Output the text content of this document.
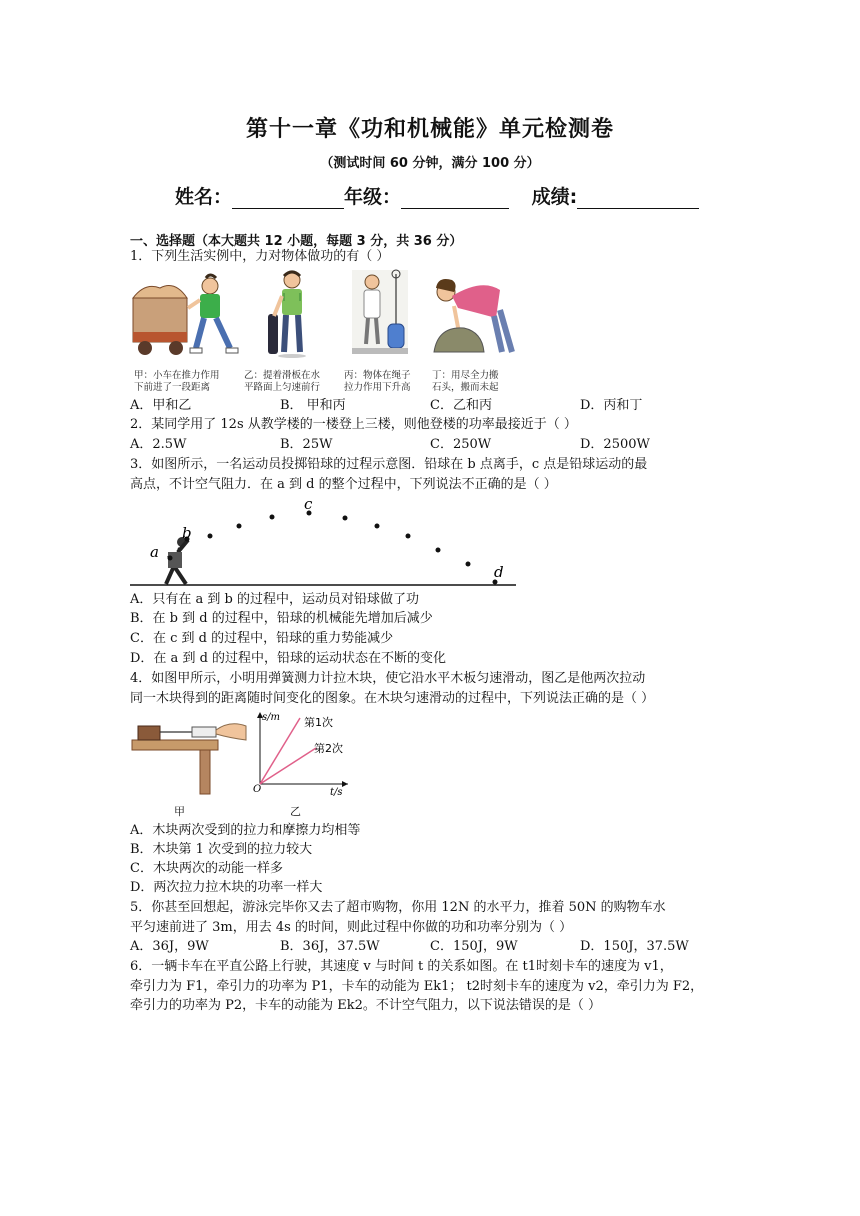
第十一章《功和机械能》单元检测卷
（测试时间 60 分钟，满分 100 分）
姓名：	年级：	成绩:
一、选择题（本大题共 12 小题，每题 3 分，共 36 分）
1．下列生活实例中，力对物体做功的有（ ）
甲：小车在推力作用
下前进了一段距离
乙：提着滑板在水
平路面上匀速前行
丙：物体在绳子
拉力作用下升高
丁：用尽全力搬
石头，搬而未起
A．甲和乙	B． 甲和丙	C．乙和丙	D．丙和丁
2．某同学用了 12s 从教学楼的一楼登上三楼，则他登楼的功率最接近于（ ）
A．2.5W	B．25W	C．250W	D．2500W
3．如图所示，一名运动员投掷铅球的过程示意图．铅球在 b 点离手，c 点是铅球运动的最
高点，不计空气阻力．在 a 到 d 的整个过程中，下列说法不正确的是（ ）
a
b
c
d
A．只有在 a 到 b 的过程中，运动员对铅球做了功
B．在 b 到 d 的过程中，铅球的机械能先增加后减少
C．在 c 到 d 的过程中，铅球的重力势能减少
D．在 a 到 d 的过程中，铅球的运动状态在不断的变化
4．如图甲所示，小明用弹簧测力计拉木块，使它沿水平木板匀速滑动，图乙是他两次拉动
同一木块得到的距离随时间变化的图象。在木块匀速滑动的过程中，下列说法正确的是（ ）
s/m
t/s
O
第1次
第2次
甲	乙
A．木块两次受到的拉力和摩擦力均相等
B．木块第 1 次受到的拉力较大
C．木块两次的动能一样多
D．两次拉力拉木块的功率一样大
5．你甚至回想起，游泳完毕你又去了超市购物，你用 12N 的水平力，推着 50N 的购物车水
平匀速前进了 3m，用去 4s 的时间，则此过程中你做的功和功率分别为（ ）
A．36J，9W	B．36J，37.5W	C．150J，9W	D．150J，37.5W
6．一辆卡车在平直公路上行驶，其速度 v 与时间 t 的关系如图。在 t1时刻卡车的速度为 v1，
牵引力为 F1，牵引力的功率为 P1，卡车的动能为 Ek1； t2时刻卡车的速度为 v2，牵引力为 F2，
牵引力的功率为 P2，卡车的动能为 Ek2。不计空气阻力，以下说法错误的是（ ）
